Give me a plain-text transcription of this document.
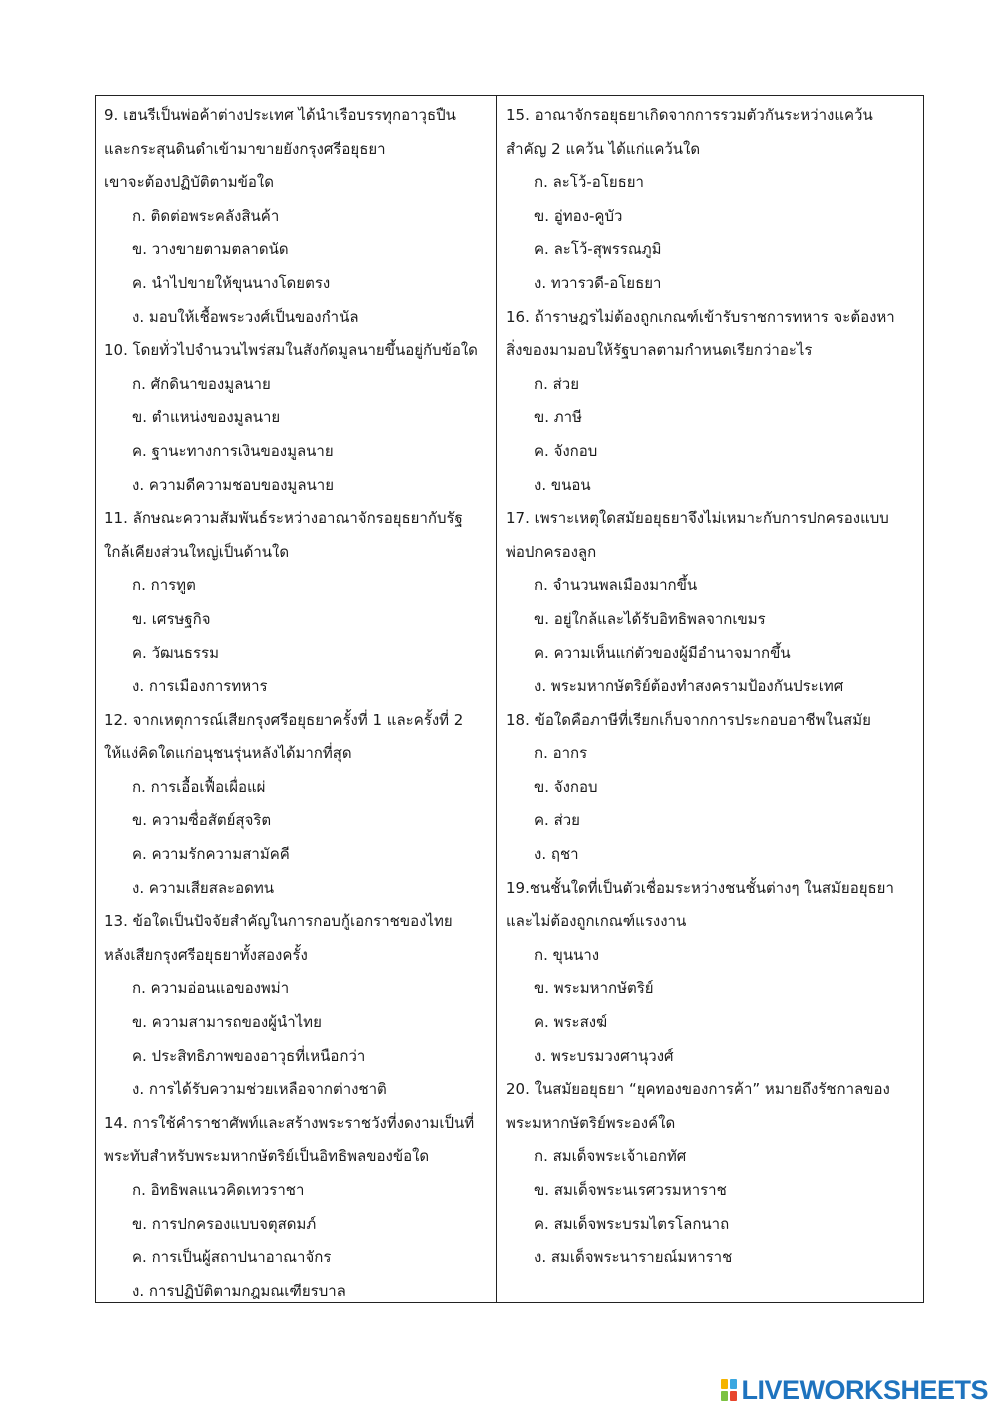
9. เฮนรีเป็นพ่อค้าต่างประเทศ ได้นำเรือบรรทุกอาวุธปืน
และกระสุนดินดำเข้ามาขายยังกรุงศรีอยุธยา
เขาจะต้องปฏิบัติตามข้อใด
ก. ติดต่อพระคลังสินค้า
ข. วางขายตามตลาดนัด
ค. นำไปขายให้ขุนนางโดยตรง
ง. มอบให้เชื้อพระวงศ์เป็นของกำนัล
10. โดยทั่วไปจำนวนไพร่สมในสังกัดมูลนายขึ้นอยู่กับข้อใด
ก. ศักดินาของมูลนาย
ข. ตำแหน่งของมูลนาย
ค. ฐานะทางการเงินของมูลนาย
ง. ความดีความชอบของมูลนาย
11. ลักษณะความสัมพันธ์ระหว่างอาณาจักรอยุธยากับรัฐ
ใกล้เคียงส่วนใหญ่เป็นด้านใด
ก. การทูต
ข. เศรษฐกิจ
ค. วัฒนธรรม
ง. การเมืองการทหาร
12. จากเหตุการณ์เสียกรุงศรีอยุธยาครั้งที่ 1 และครั้งที่ 2
ให้แง่คิดใดแก่อนุชนรุ่นหลังได้มากที่สุด
ก. การเอื้อเฟื้อเผื่อแผ่
ข. ความซื่อสัตย์สุจริต
ค. ความรักความสามัคคี
ง. ความเสียสละอดทน
13. ข้อใดเป็นปัจจัยสำคัญในการกอบกู้เอกราชของไทย
หลังเสียกรุงศรีอยุธยาทั้งสองครั้ง
ก. ความอ่อนแอของพม่า
ข. ความสามารถของผู้นำไทย
ค. ประสิทธิภาพของอาวุธที่เหนือกว่า
ง. การได้รับความช่วยเหลือจากต่างชาติ
14. การใช้คำราชาศัพท์และสร้างพระราชวังที่งดงามเป็นที่
พระทับสำหรับพระมหากษัตริย์เป็นอิทธิพลของข้อใด
ก. อิทธิพลแนวคิดเทวราชา
ข. การปกครองแบบจตุสดมภ์
ค. การเป็นผู้สถาปนาอาณาจักร
ง. การปฏิบัติตามกฎมณเฑียรบาล
15. อาณาจักรอยุธยาเกิดจากการรวมตัวกันระหว่างแคว้น
สำคัญ 2 แคว้น ได้แก่แคว้นใด
ก. ละโว้-อโยธยา
ข. อู่ทอง-คูบัว
ค. ละโว้-สุพรรณภูมิ
ง. ทวารวดี-อโยธยา
16. ถ้าราษฎรไม่ต้องถูกเกณฑ์เข้ารับราชการทหาร จะต้องหา
สิ่งของมามอบให้รัฐบาลตามกำหนดเรียกว่าอะไร
ก. ส่วย
ข. ภาษี
ค. จังกอบ
ง. ขนอน
17. เพราะเหตุใดสมัยอยุธยาจึงไม่เหมาะกับการปกครองแบบ
พ่อปกครองลูก
ก. จำนวนพลเมืองมากขึ้น
ข. อยู่ใกล้และได้รับอิทธิพลจากเขมร
ค. ความเห็นแก่ตัวของผู้มีอำนาจมากขึ้น
ง. พระมหากษัตริย์ต้องทำสงครามป้องกันประเทศ
18. ข้อใดคือภาษีที่เรียกเก็บจากการประกอบอาชีพในสมัย
ก. อากร
ข. จังกอบ
ค. ส่วย
ง. ฤชา
19.ชนชั้นใดที่เป็นตัวเชื่อมระหว่างชนชั้นต่างๆ ในสมัยอยุธยา
และไม่ต้องถูกเกณฑ์แรงงาน
ก. ขุนนาง
ข. พระมหากษัตริย์
ค. พระสงฆ์
ง. พระบรมวงศานุวงศ์
20. ในสมัยอยุธยา “ยุคทองของการค้า” หมายถึงรัชกาลของ
พระมหากษัตริย์พระองค์ใด
ก. สมเด็จพระเจ้าเอกทัศ
ข. สมเด็จพระนเรศวรมหาราช
ค. สมเด็จพระบรมไตรโลกนาถ
ง. สมเด็จพระนารายณ์มหาราช
LIVEWORKSHEETS
